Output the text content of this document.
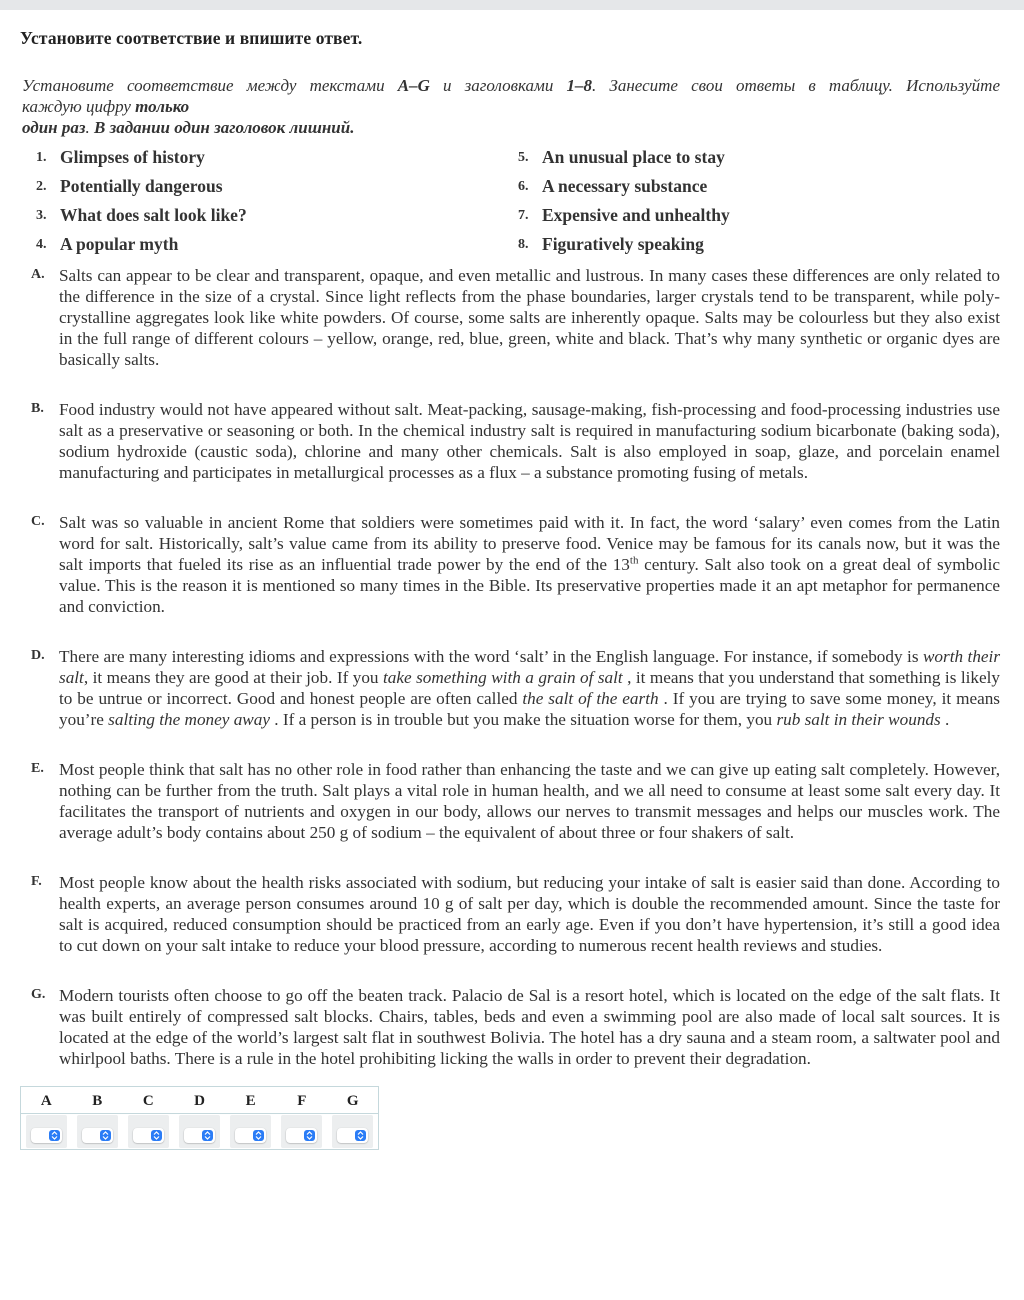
Установите соответствие и впишите ответ.
Установите соответствие между текстами A–G и заголовками 1–8. Занесите свои ответы в таблицу. Используйте
каждую цифру только
один раз. В задании один заголовок лишний.
1. Glimpses of history
2. Potentially dangerous
3. What does salt look like?
4. A popular myth
5. An unusual place to stay
6. A necessary substance
7. Expensive and unhealthy
8. Figuratively speaking
A. Salts can appear to be clear and transparent, opaque, and even metallic and lustrous. In many cases these differences are only related to the difference in the size of a crystal. Since light reflects from the phase boundaries, larger crystals tend to be transparent, while poly-crystalline aggregates look like white powders. Of course, some salts are inherently opaque. Salts may be colourless but they also exist in the full range of different colours – yellow, orange, red, blue, green, white and black. That’s why many synthetic or organic dyes are basically salts.
B. Food industry would not have appeared without salt. Meat-packing, sausage-making, fish-processing and food-processing industries use salt as a preservative or seasoning or both. In the chemical industry salt is required in manufacturing sodium bicarbonate (baking soda), sodium hydroxide (caustic soda), chlorine and many other chemicals. Salt is also employed in soap, glaze, and porcelain enamel manufacturing and participates in metallurgical processes as a flux – a substance promoting fusing of metals.
C. Salt was so valuable in ancient Rome that soldiers were sometimes paid with it. In fact, the word ‘salary’ even comes from the Latin word for salt. Historically, salt’s value came from its ability to preserve food. Venice may be famous for its canals now, but it was the salt imports that fueled its rise as an influential trade power by the end of the 13th century. Salt also took on a great deal of symbolic value. This is the reason it is mentioned so many times in the Bible. Its preservative properties made it an apt metaphor for permanence and conviction.
D. There are many interesting idioms and expressions with the word ‘salt’ in the English language. For instance, if somebody is worth their salt, it means they are good at their job. If you take something with a grain of salt , it means that you understand that something is likely to be untrue or incorrect. Good and honest people are often called the salt of the earth . If you are trying to save some money, it means you’re salting the money away . If a person is in trouble but you make the situation worse for them, you rub salt in their wounds .
E. Most people think that salt has no other role in food rather than enhancing the taste and we can give up eating salt completely. However, nothing can be further from the truth. Salt plays a vital role in human health, and we all need to consume at least some salt every day. It facilitates the transport of nutrients and oxygen in our body, allows our nerves to transmit messages and helps our muscles work. The average adult’s body contains about 250 g of sodium – the equivalent of about three or four shakers of salt.
F.	Most people know about the health risks associated with sodium, but reducing your intake of salt is easier said than done. According to health experts, an average person consumes around 10 g of salt per day, which is double the recommended amount. Since the taste for salt is acquired, reduced consumption should be practiced from an early age. Even if you don’t have hypertension, it’s still a good idea to cut down on your salt intake to reduce your blood pressure, according to numerous recent health reviews and studies.
G. Modern tourists often choose to go off the beaten track. Palacio de Sal is a resort hotel, which is located on the edge of the salt flats. It was built entirely of compressed salt blocks. Chairs, tables, beds and even a swimming pool are also made of local salt sources. It is located at the edge of the world’s largest salt flat in southwest Bolivia. The hotel has a dry sauna and a steam room, a saltwater pool and whirlpool baths. There is a rule in the hotel prohibiting licking the walls in order to prevent their degradation.
A	B	C	D	E	F	G
